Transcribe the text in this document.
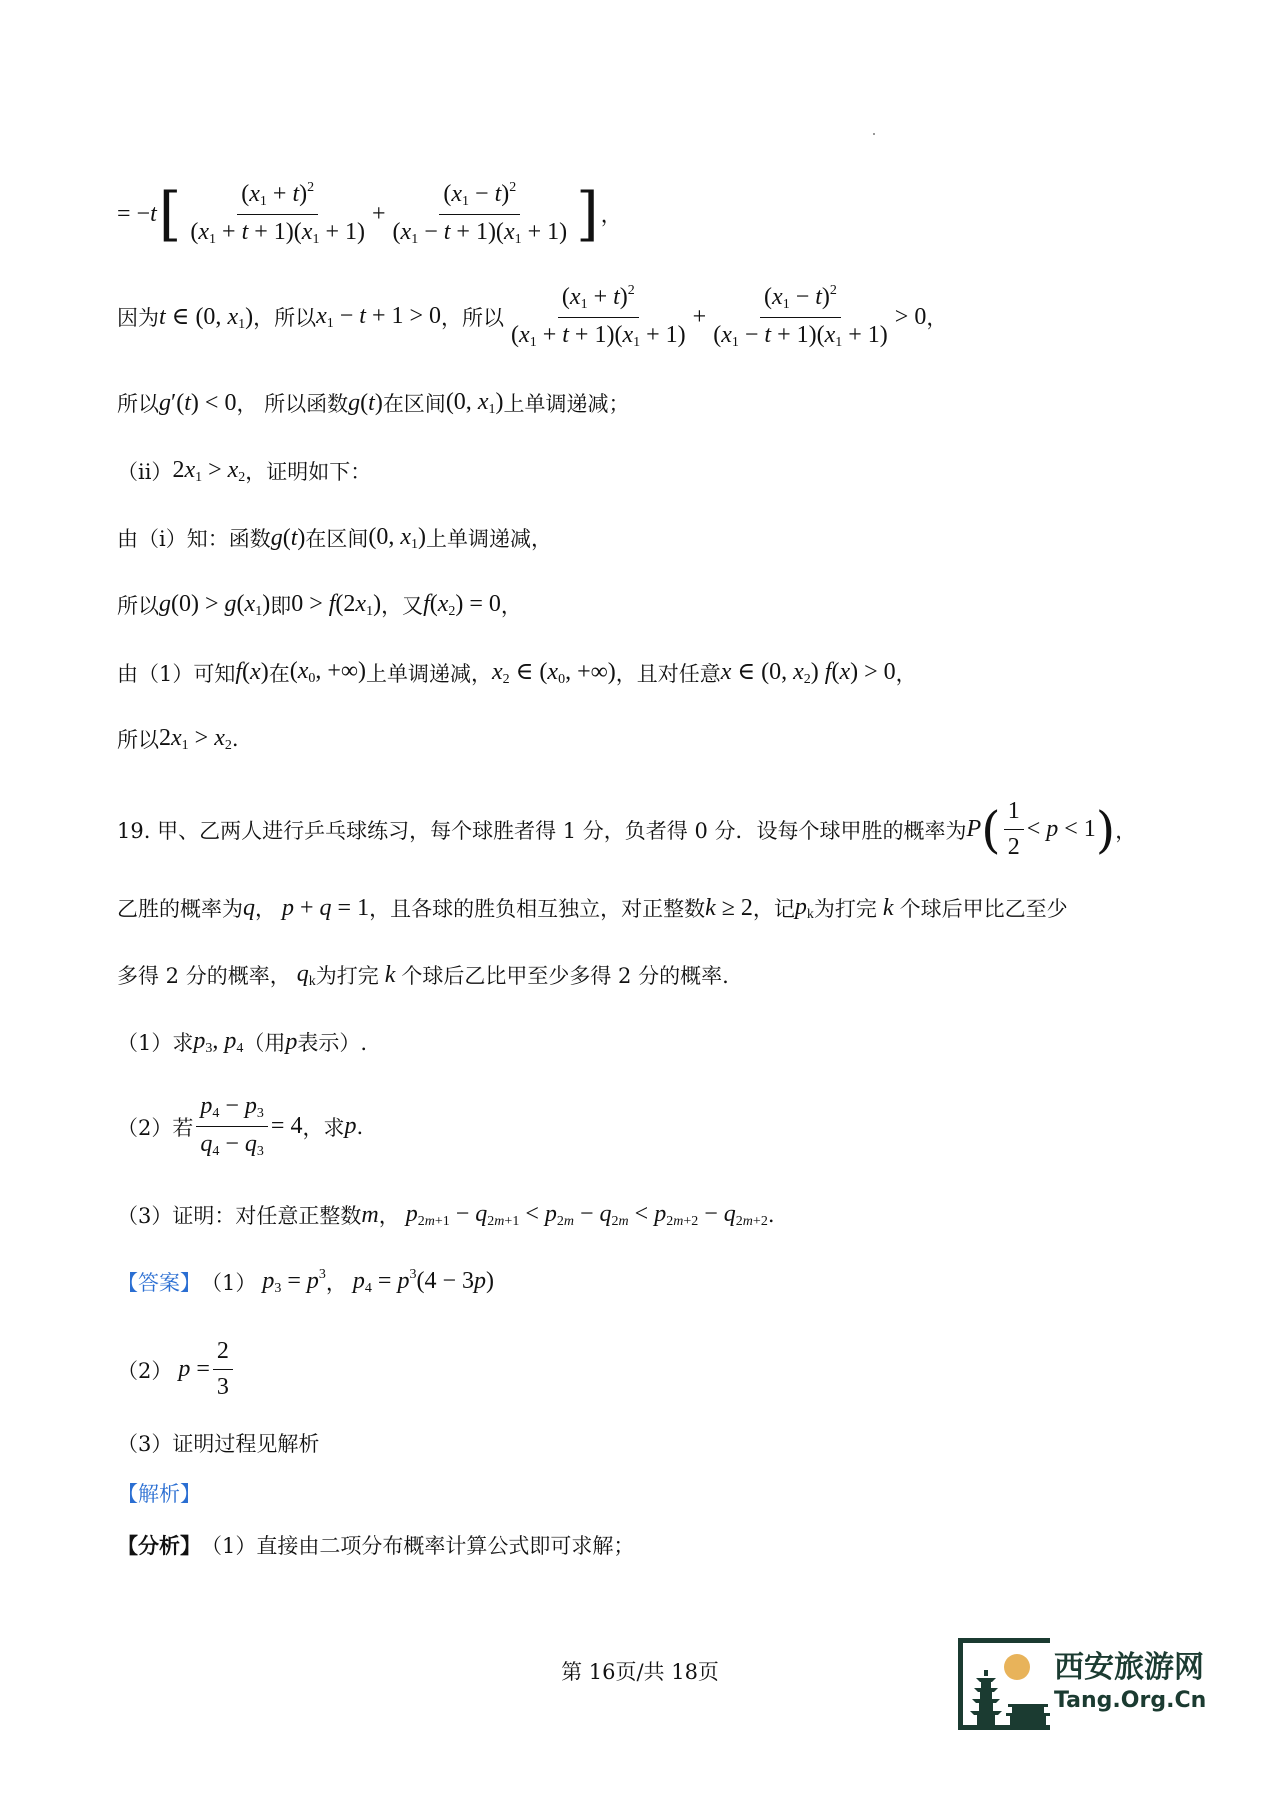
= − t [ $\frac{(x_1 + t)^2}{(x_1 + t + 1)(x_1 + 1)} + \frac{(x_1 - t)^2}{(x_1 - t + 1)(x_1 + 1)}$ ] ，
因为 t ∈ (0, $x_1$) ，所以 $x_1 - t + 1 > 0$ ，所以 $\frac{(x_1 + t)^2}{(x_1 + t + 1)(x_1 + 1)} + \frac{(x_1 - t)^2}{(x_1 - t + 1)(x_1 + 1)} > 0$ ，
所以 g′(t) < 0 ， 所以函数 g(t) 在区间 (0, $x_1$) 上单调递减；
（ii） $2x_1 > x_2$ ，证明如下：
由（i）知：函数 g(t) 在区间 (0, $x_1$) 上单调递减，
所以 $g(0) > g(x_1)$ 即 $0 > f(2x_1)$ ，又 $f(x_2) = 0$ ，
由（1）可知 f(x) 在 ($x_0$, +∞) 上单调递减， $x_2$ ∈ ($x_0$, +∞) ，且对任意 x ∈ (0, $x_2$) f(x) > 0 ，
所以 $2x_1 > x_2$ .
19. 甲、乙两人进行乒乓球练习，每个球胜者得 1 分，负者得 0 分．设每个球甲胜的概率为 P ( $\frac{1}{2} < p < 1$ ) ，
乙胜的概率为 q ， p + q = 1 ，且各球的胜负相互独立，对正整数 k ≥ 2 ，记 $p_k$ 为打完 k 个球后甲比乙至少
多得 2 分的概率， $q_k$ 为打完 k 个球后乙比甲至少多得 2 分的概率.
（1）求 $p_3$, $p_4$ （用 p 表示）.
（2）若 $\frac{p_4 - p_3}{q_4 - q_3} = 4$ ，求 p .
（3）证明：对任意正整数 m ， $p_{2m+1} - q_{2m+1} < p_{2m} - q_{2m} < p_{2m+2} - q_{2m+2}$ .
【答案】 （1） $p_3 = p^3$ ， $p_4 = p^3(4 - 3p)$
（2） $p = \frac{2}{3}$
（3）证明过程见解析
【解析】
【分析】 （1）直接由二项分布概率计算公式即可求解；
第 16页/共 18页	西安旅游网
Tang.Org.Cn
